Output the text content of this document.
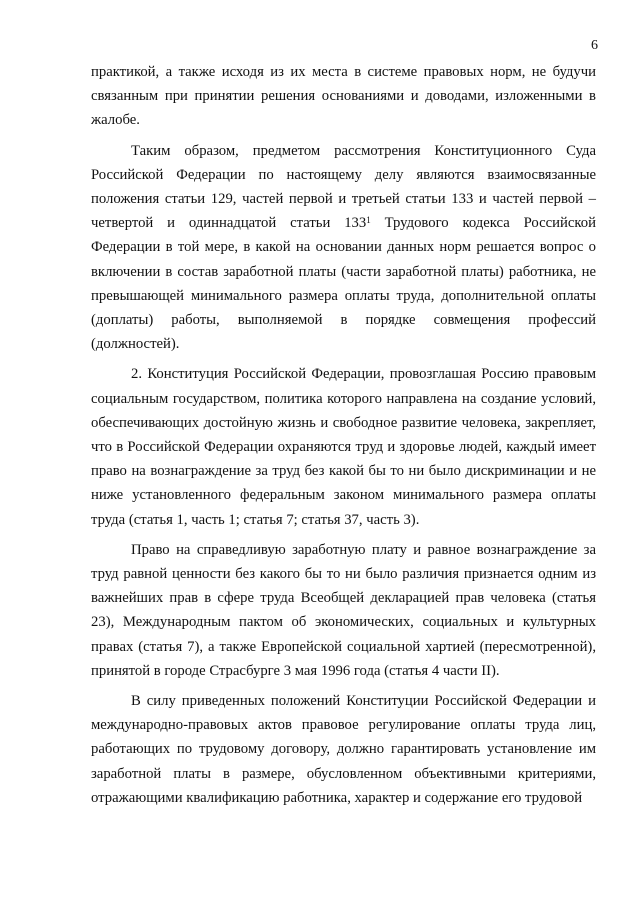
6

практикой, а также исходя из их места в системе правовых норм, не будучи связанным при принятии решения основаниями и доводами, изложенными в жалобе.

Таким образом, предметом рассмотрения Конституционного Суда Российской Федерации по настоящему делу являются взаимосвязанные положения статьи 129, частей первой и третьей статьи 133 и частей первой – четвертой и одиннадцатой статьи $133^1$ Трудового кодекса Российской Федерации в той мере, в какой на основании данных норм решается вопрос о включении в состав заработной платы (части заработной платы) работника, не превышающей минимального размера оплаты труда, дополнительной оплаты (доплаты) работы, выполняемой в порядке совмещения профессий (должностей).

2. Конституция Российской Федерации, провозглашая Россию правовым социальным государством, политика которого направлена на создание условий, обеспечивающих достойную жизнь и свободное развитие человека, закрепляет, что в Российской Федерации охраняются труд и здоровье людей, каждый имеет право на вознаграждение за труд без какой бы то ни было дискриминации и не ниже установленного федеральным законом минимального размера оплаты труда (статья 1, часть 1; статья 7; статья 37, часть 3).

Право на справедливую заработную плату и равное вознаграждение за труд равной ценности без какого бы то ни было различия признается одним из важнейших прав в сфере труда Всеобщей декларацией прав человека (статья 23), Международным пактом об экономических, социальных и культурных правах (статья 7), а также Европейской социальной хартией (пересмотренной), принятой в городе Страсбурге 3 мая 1996 года (статья 4 части II).

В силу приведенных положений Конституции Российской Федерации и международно-правовых актов правовое регулирование оплаты труда лиц, работающих по трудовому договору, должно гарантировать установление им заработной платы в размере, обусловленном объективными критериями, отражающими квалификацию работника, характер и содержание его трудовой
